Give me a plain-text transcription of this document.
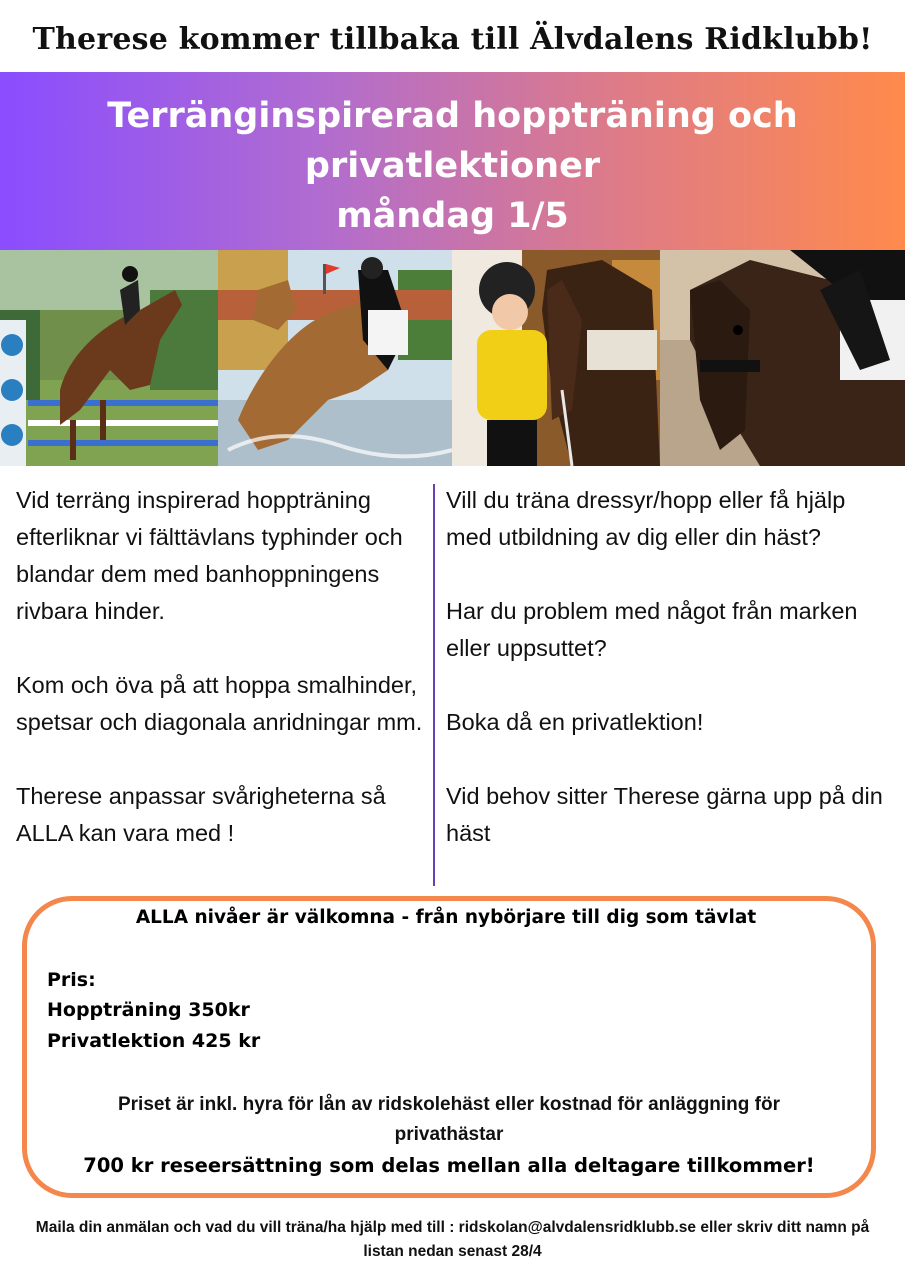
Therese kommer tillbaka till Älvdalens Ridklubb!
Terränginspirerad hoppträning och
privatlektioner
måndag 1/5

Vid terräng inspirerad hoppträning efterliknar vi fälttävlans typhinder och blandar dem med banhoppningens rivbara hinder.

Kom och öva på att hoppa smalhinder, spetsar och diagonala anridningar mm.

Therese anpassar svårigheterna så ALLA kan vara med !

Vill du träna dressyr/hopp eller få hjälp med utbildning av dig eller din häst?

Har du problem med något från marken eller uppsuttet?

Boka då en privatlektion!

Vid behov sitter Therese gärna upp på din häst

ALLA nivåer är välkomna - från nybörjare till dig som tävlat
Pris:
Hoppträning 350kr
Privatlektion 425 kr
Priset är inkl. hyra för lån av ridskolehäst eller kostnad för anläggning för
privathästar
700 kr reseersättning som delas mellan alla deltagare tillkommer!
Maila din anmälan och vad du vill träna/ha hjälp med till : ridskolan@alvdalensridklubb.se eller skriv ditt namn på
listan nedan senast 28/4
